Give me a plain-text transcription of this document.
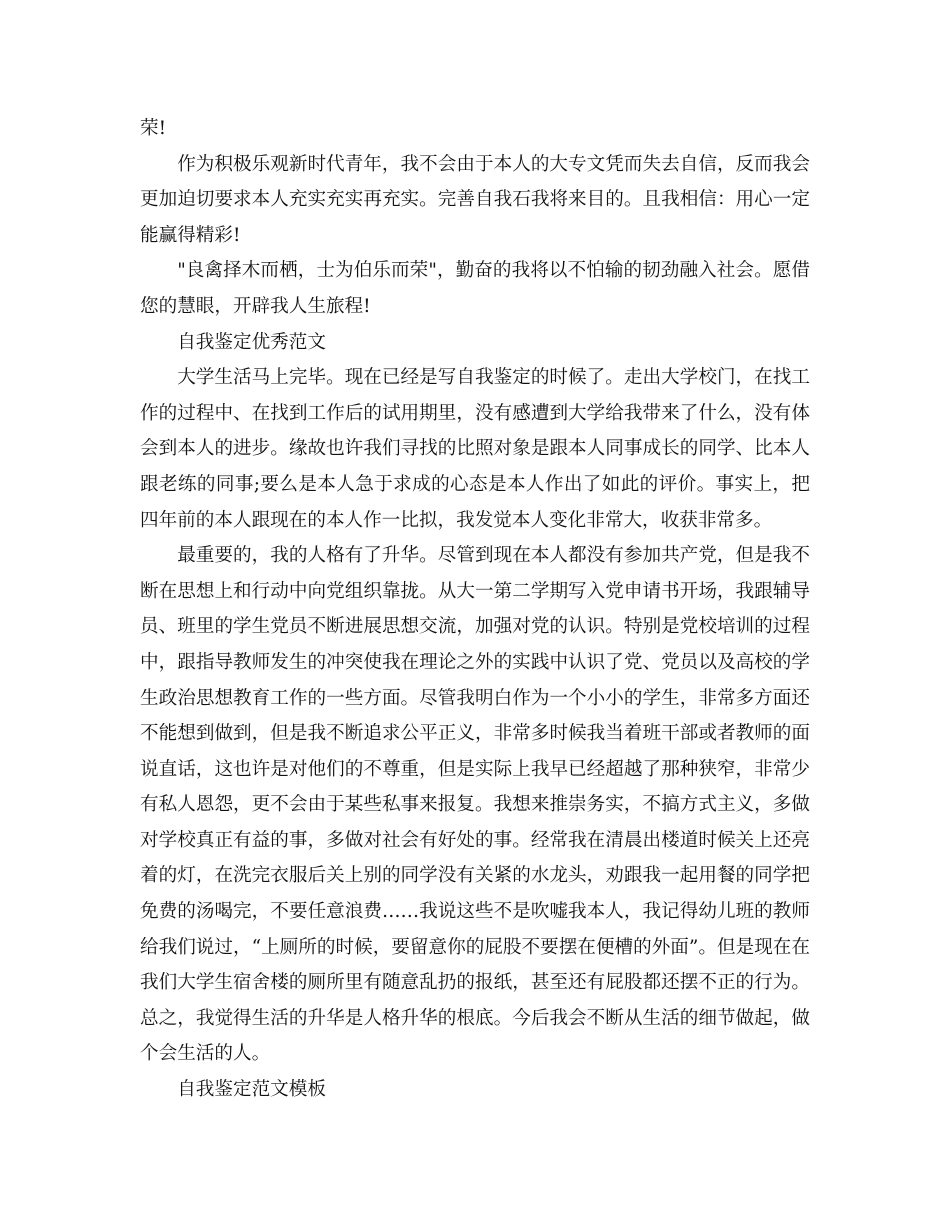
荣!

作为积极乐观新时代青年，我不会由于本人的大专文凭而失去自信，反而我会更加迫切要求本人充实充实再充实。完善自我石我将来目的。且我相信：用心一定能赢得精彩!

"良禽择木而栖，士为伯乐而荣"，勤奋的我将以不怕输的韧劲融入社会。愿借您的慧眼，开辟我人生旅程!

自我鉴定优秀范文

大学生活马上完毕。现在已经是写自我鉴定的时候了。走出大学校门，在找工作的过程中、在找到工作后的试用期里，没有感遭到大学给我带来了什么，没有体会到本人的进步。缘故也许我们寻找的比照对象是跟本人同事成长的同学、比本人跟老练的同事;要么是本人急于求成的心态是本人作出了如此的评价。事实上，把四年前的本人跟现在的本人作一比拟，我发觉本人变化非常大，收获非常多。

最重要的，我的人格有了升华。尽管到现在本人都没有参加共产党，但是我不断在思想上和行动中向党组织靠拢。从大一第二学期写入党申请书开场，我跟辅导员、班里的学生党员不断进展思想交流，加强对党的认识。特别是党校培训的过程中，跟指导教师发生的冲突使我在理论之外的实践中认识了党、党员以及高校的学生政治思想教育工作的一些方面。尽管我明白作为一个小小的学生，非常多方面还不能想到做到，但是我不断追求公平正义，非常多时候我当着班干部或者教师的面说直话，这也许是对他们的不尊重，但是实际上我早已经超越了那种狭窄，非常少有私人恩怨，更不会由于某些私事来报复。我想来推崇务实，不搞方式主义，多做对学校真正有益的事，多做对社会有好处的事。经常我在清晨出楼道时候关上还亮着的灯，在洗完衣服后关上别的同学没有关紧的水龙头，劝跟我一起用餐的同学把免费的汤喝完，不要任意浪费……我说这些不是吹嘘我本人，我记得幼儿班的教师给我们说过，“上厕所的时候，要留意你的屁股不要摆在便槽的外面”。但是现在在我们大学生宿舍楼的厕所里有随意乱扔的报纸，甚至还有屁股都还摆不正的行为。总之，我觉得生活的升华是人格升华的根底。今后我会不断从生活的细节做起，做个会生活的人。

自我鉴定范文模板
